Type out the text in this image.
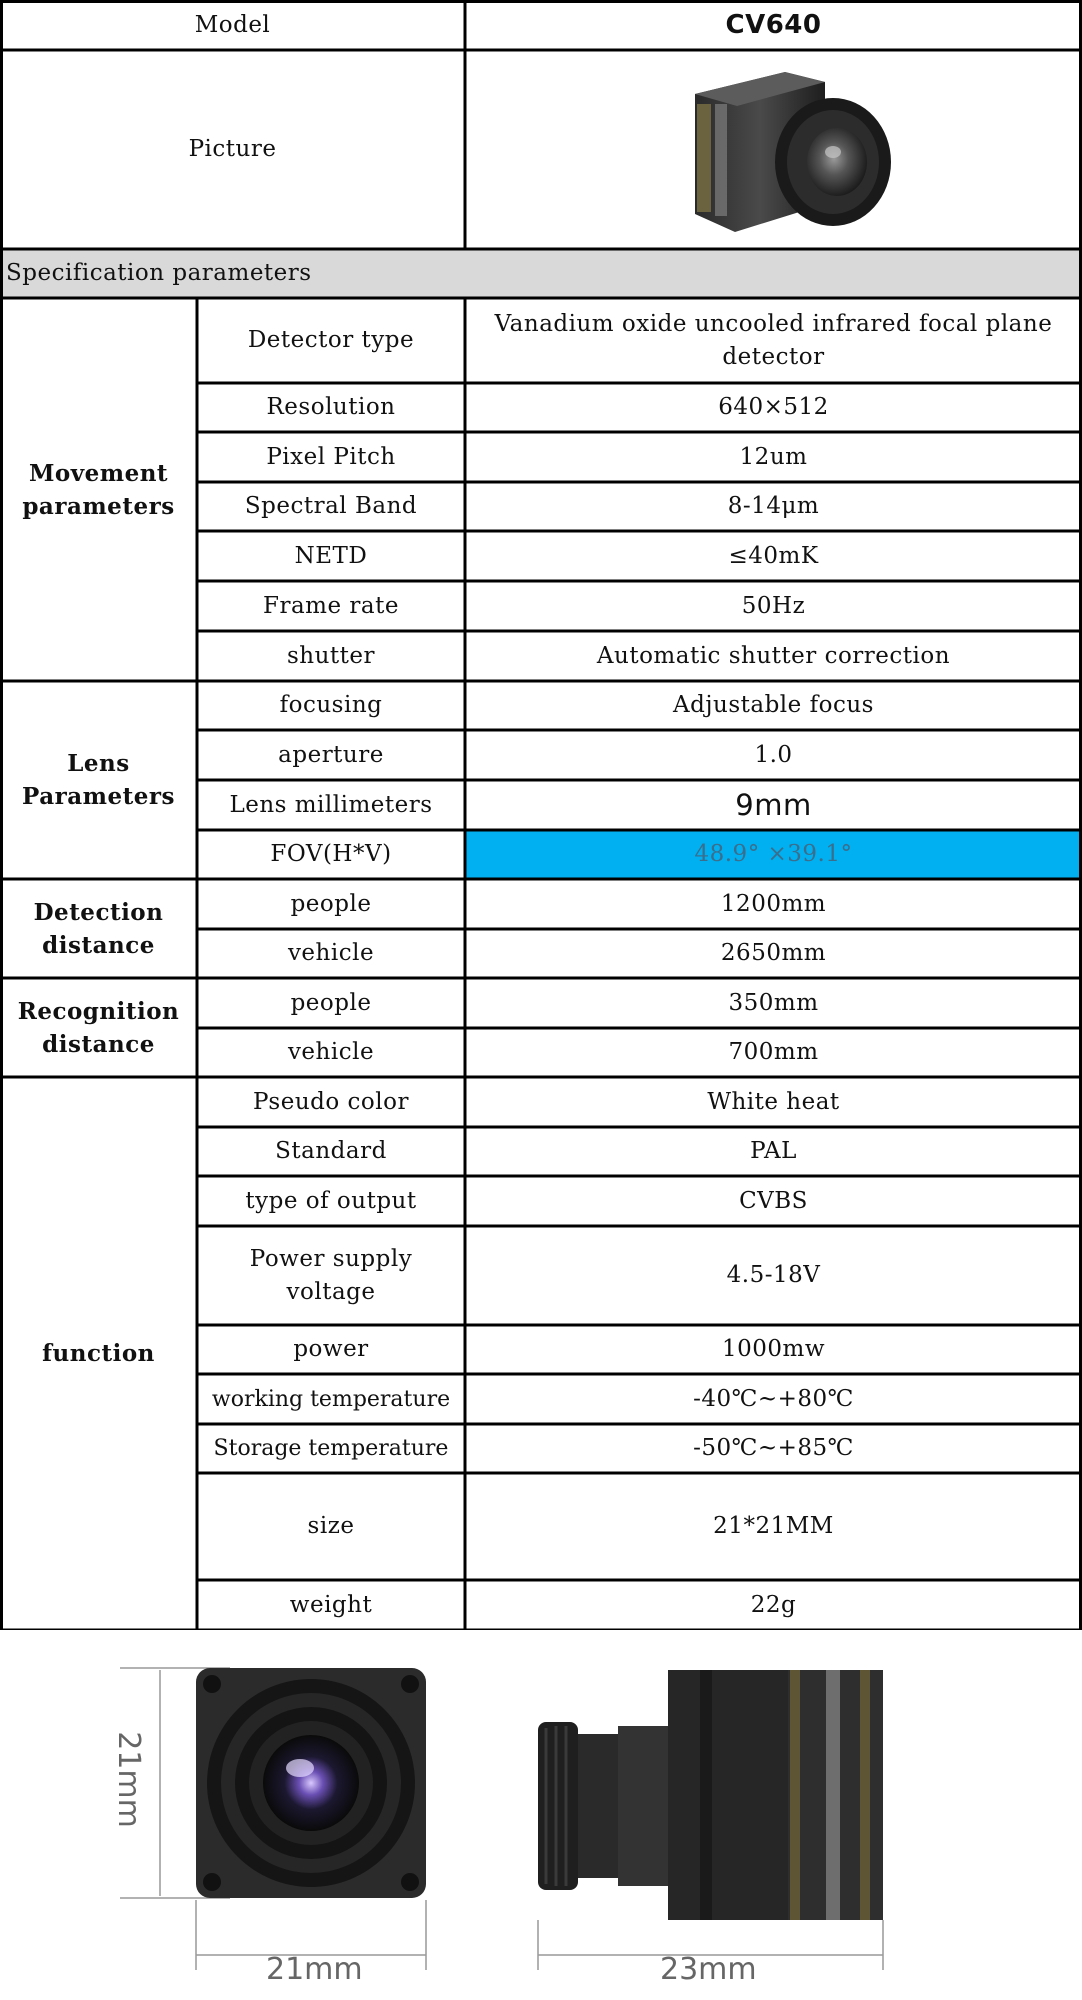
Model	CV640
Picture
Specification parameters
Movement parameters
Lens Parameters
Detection distance
Recognition distance
function
Detector type
Resolution
Pixel Pitch
Spectral Band
NETD
Frame rate
shutter
focusing
aperture
Lens millimeters
FOV(H*V)
people
vehicle
people
vehicle
Pseudo color
Standard
type of output
Power supply voltage
power
working temperature
Storage temperature
size
weight
Vanadium oxide uncooled infrared focal plane detector
640×512
12um
8-14μm
≤40mK
50Hz
Automatic shutter correction
Adjustable focus
1.0
9mm
48.9° ×39.1°
1200mm
2650mm
350mm
700mm
White heat
PAL
CVBS
4.5-18V
1000mw
-40℃~+80℃
-50℃~+85℃
21*21MM
22g
21mm
21mm	23mm
